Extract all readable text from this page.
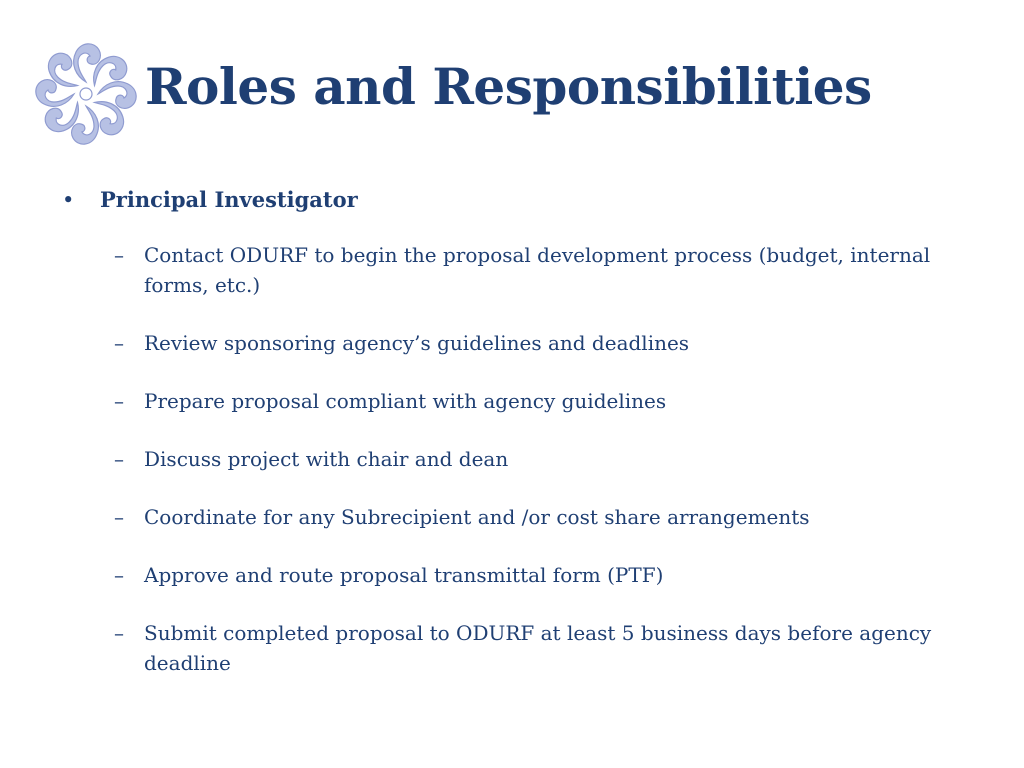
Roles and Responsibilities
•	Principal Investigator
–	Contact ODURF to begin the proposal development process (budget, internal forms, etc.)
–	Review sponsoring agency’s guidelines and deadlines
–	Prepare proposal compliant with agency guidelines
–	Discuss project with chair and dean
–	Coordinate for any Subrecipient and /or cost share arrangements
–	Approve and route proposal transmittal form (PTF)
–	Submit completed proposal to ODURF at least 5 business days before agency deadline
